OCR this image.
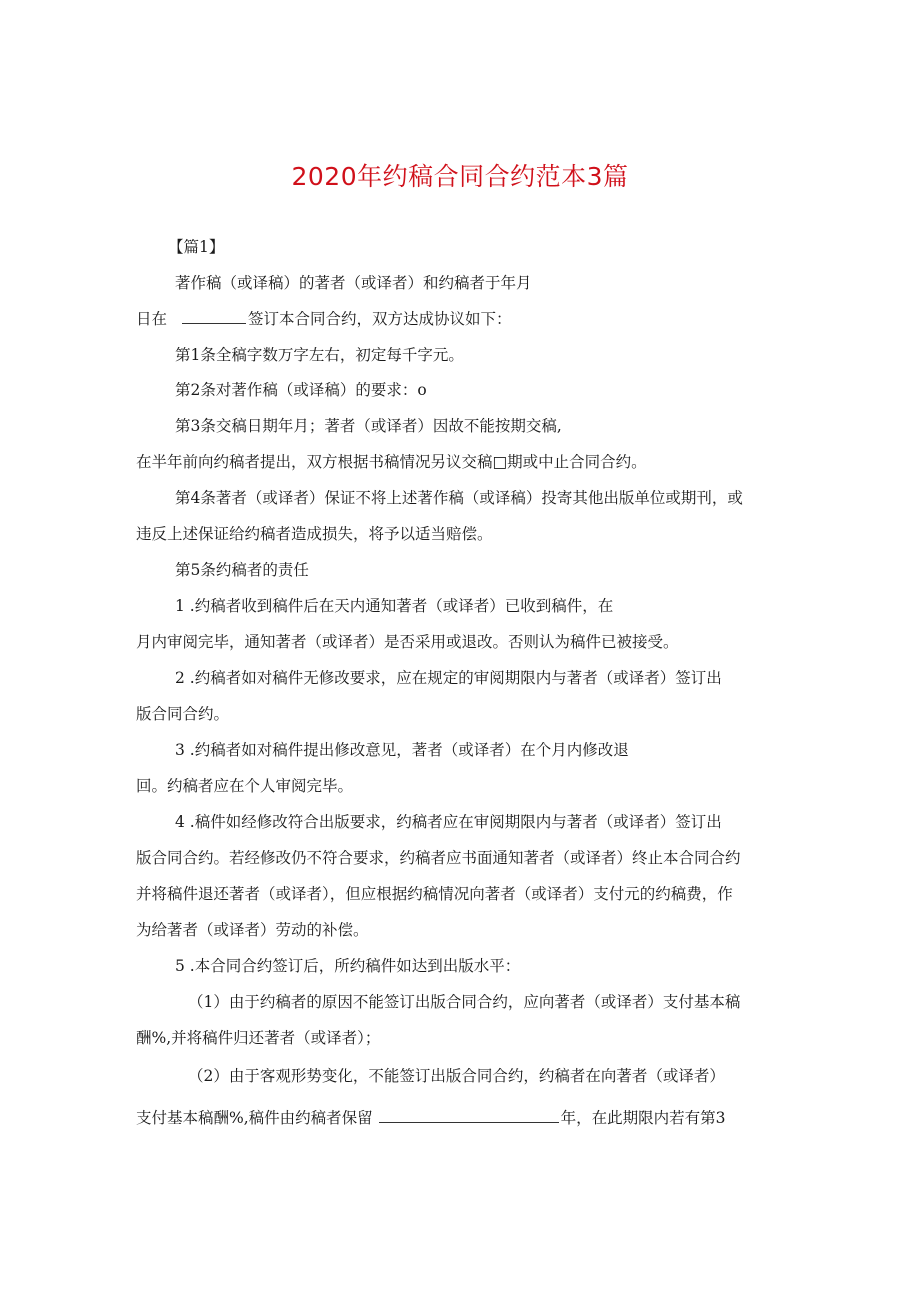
2020年约稿合同合约范本3篇
【篇1】
著作稿（或译稿）的著者（或译者）和约稿者于年月
日在	签订本合同合约，双方达成协议如下：
第1条全稿字数万字左右，初定每千字元。
第2条对著作稿（或译稿）的要求：o
第3条交稿日期年月；著者（或译者）因故不能按期交稿,
在半年前向约稿者提出，双方根据书稿情况另议交稿□期或中止合同合约。
第4条著者（或译者）保证不将上述著作稿（或译稿）投寄其他出版单位或期刊，或
违反上述保证给约稿者造成损失，将予以适当赔偿。
第5条约稿者的责任
1 .约稿者收到稿件后在天内通知著者（或译者）已收到稿件，在
月内审阅完毕，通知著者（或译者）是否采用或退改。否则认为稿件已被接受。
2 .约稿者如对稿件无修改要求，应在规定的审阅期限内与著者（或译者）签订出
版合同合约。
3 .约稿者如对稿件提出修改意见，著者（或译者）在个月内修改退
回。约稿者应在个人审阅完毕。
4 .稿件如经修改符合出版要求，约稿者应在审阅期限内与著者（或译者）签订出
版合同合约。若经修改仍不符合要求，约稿者应书面通知著者（或译者）终止本合同合约
并将稿件退还著者（或译者），但应根据约稿情况向著者（或译者）支付元的约稿费，作
为给著者（或译者）劳动的补偿。
5 .本合同合约签订后，所约稿件如达到出版水平：
（1）由于约稿者的原因不能签订出版合同合约，应向著者（或译者）支付基本稿
酬%,并将稿件归还著者（或译者）；
（2）由于客观形势变化，不能签订出版合同合约，约稿者在向著者（或译者）
支付基本稿酬%,稿件由约稿者保留	年，在此期限内若有第3
